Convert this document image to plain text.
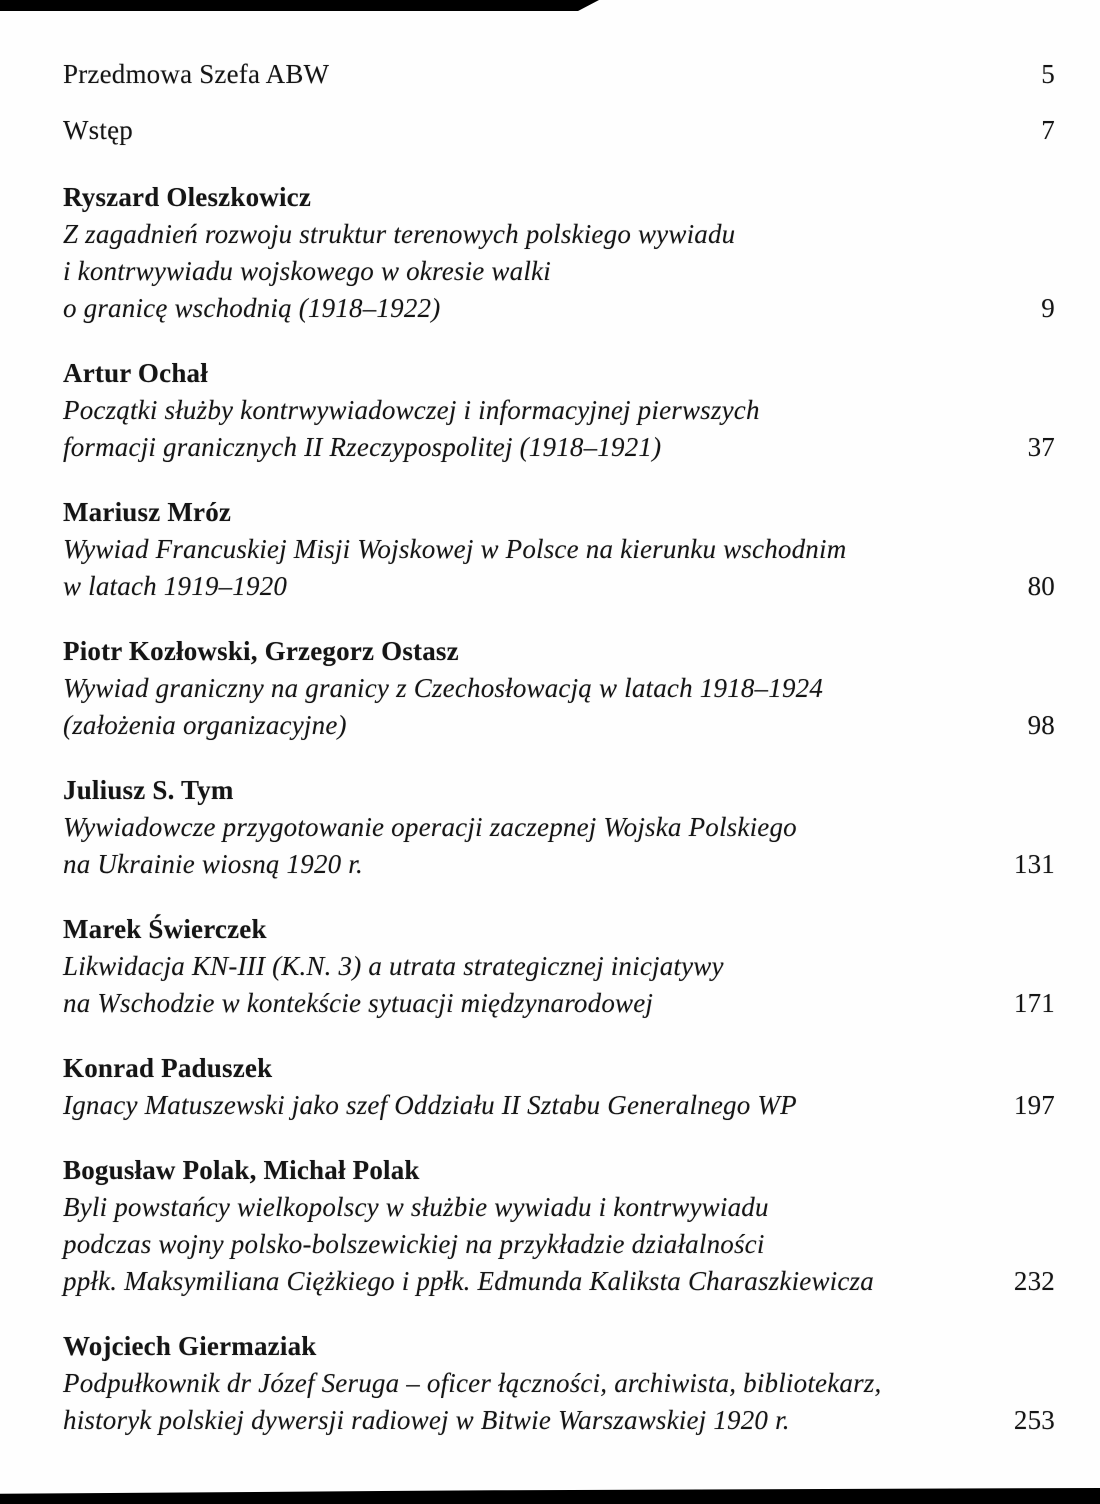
Przedmowa Szefa ABW	5
Wstęp	7
Ryszard Oleszkowicz
Z zagadnień rozwoju struktur terenowych polskiego wywiadu
i kontrwywiadu wojskowego w okresie walki
o granicę wschodnią (1918–1922)	9
Artur Ochał
Początki służby kontrwywiadowczej i informacyjnej pierwszych
formacji granicznych II Rzeczypospolitej (1918–1921)	37
Mariusz Mróz
Wywiad Francuskiej Misji Wojskowej w Polsce na kierunku wschodnim
w latach 1919–1920	80
Piotr Kozłowski, Grzegorz Ostasz
Wywiad graniczny na granicy z Czechosłowacją w latach 1918–1924
(założenia organizacyjne)	98
Juliusz S. Tym
Wywiadowcze przygotowanie operacji zaczepnej Wojska Polskiego
na Ukrainie wiosną 1920 r.	131
Marek Świerczek
Likwidacja KN-III (K.N. 3) a utrata strategicznej inicjatywy
na Wschodzie w kontekście sytuacji międzynarodowej	171
Konrad Paduszek
Ignacy Matuszewski jako szef Oddziału II Sztabu Generalnego WP	197
Bogusław Polak, Michał Polak
Byli powstańcy wielkopolscy w służbie wywiadu i kontrwywiadu
podczas wojny polsko-bolszewickiej na przykładzie działalności
ppłk. Maksymiliana Ciężkiego i ppłk. Edmunda Kaliksta Charaszkiewicza	232
Wojciech Giermaziak
Podpułkownik dr Józef Seruga – oficer łączności, archiwista, bibliotekarz,
historyk polskiej dywersji radiowej w Bitwie Warszawskiej 1920 r.	253
